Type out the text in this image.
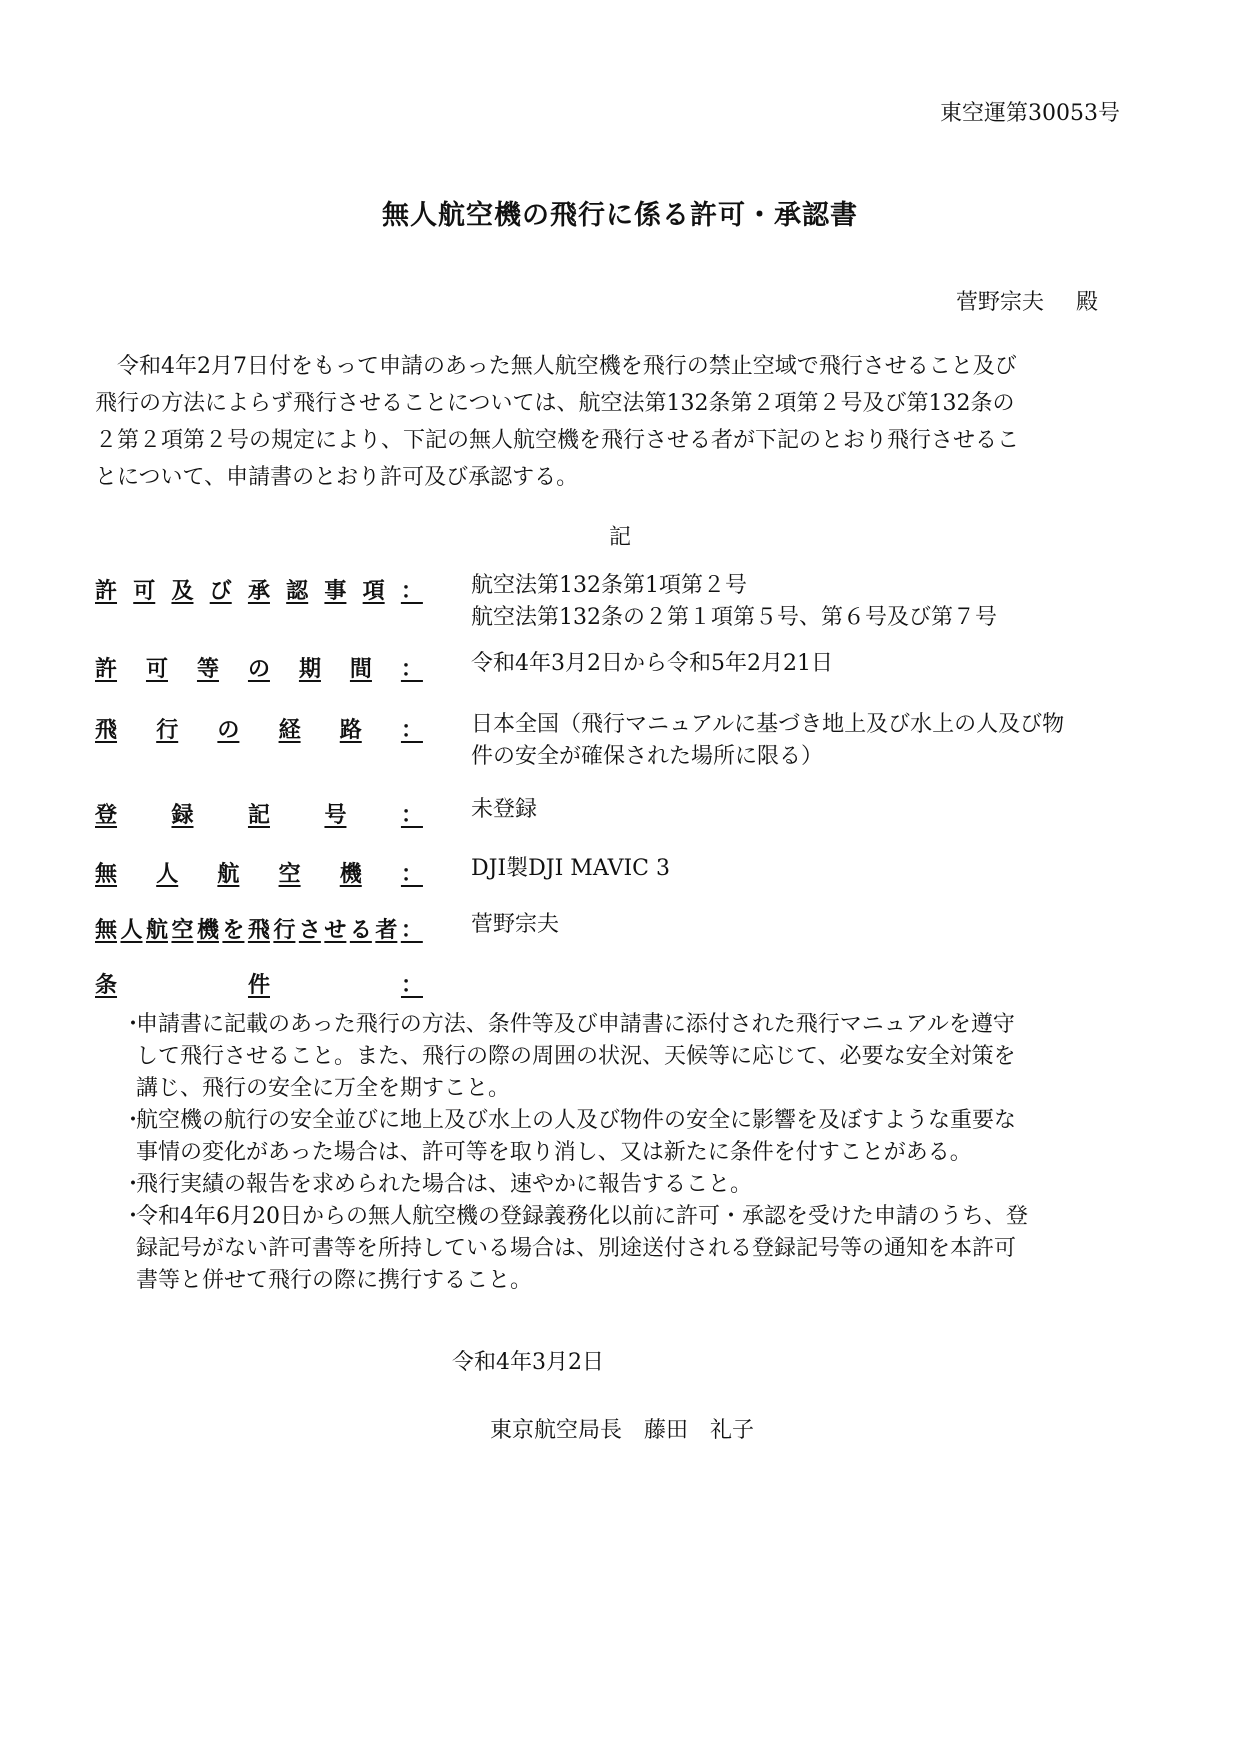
東空運第30053号
無人航空機の飛行に係る許可・承認書
菅野宗夫 殿
　令和4年2月7日付をもって申請のあった無人航空機を飛行の禁止空域で飛行させること及び
飛行の方法によらず飛行させることについては、航空法第132条第２項第２号及び第132条の
２第２項第２号の規定により、下記の無人航空機を飛行させる者が下記のとおり飛行させるこ
とについて、申請書のとおり許可及び承認する。
記
許 可 及 び 承 認 事 項 ： 航空法第132条第1項第２号
航空法第132条の２第１項第５号、第６号及び第７号
許 可 等 の 期 間 ： 令和4年3月2日から令和5年2月21日
飛 行 の 経 路 ： 日本全国（飛行マニュアルに基づき地上及び水上の人及び物
件の安全が確保された場所に限る）
登 録 記 号 ： 未登録
無 人 航 空 機 ： DJI製DJI MAVIC 3
無 人 航 空 機 を 飛 行 さ せ る 者 ： 菅野宗夫
条	件	：
・ 申請書に記載のあった飛行の方法、条件等及び申請書に添付された飛行マニュアルを遵守
して飛行させること。また、飛行の際の周囲の状況、天候等に応じて、必要な安全対策を
講じ、飛行の安全に万全を期すこと。
・ 航空機の航行の安全並びに地上及び水上の人及び物件の安全に影響を及ぼすような重要な
事情の変化があった場合は、許可等を取り消し、又は新たに条件を付すことがある。
・ 飛行実績の報告を求められた場合は、速やかに報告すること。
・ 令和4年6月20日からの無人航空機の登録義務化以前に許可・承認を受けた申請のうち、登
録記号がない許可書等を所持している場合は、別途送付される登録記号等の通知を本許可
書等と併せて飛行の際に携行すること。
令和4年3月2日
東京航空局長 藤田 礼子
